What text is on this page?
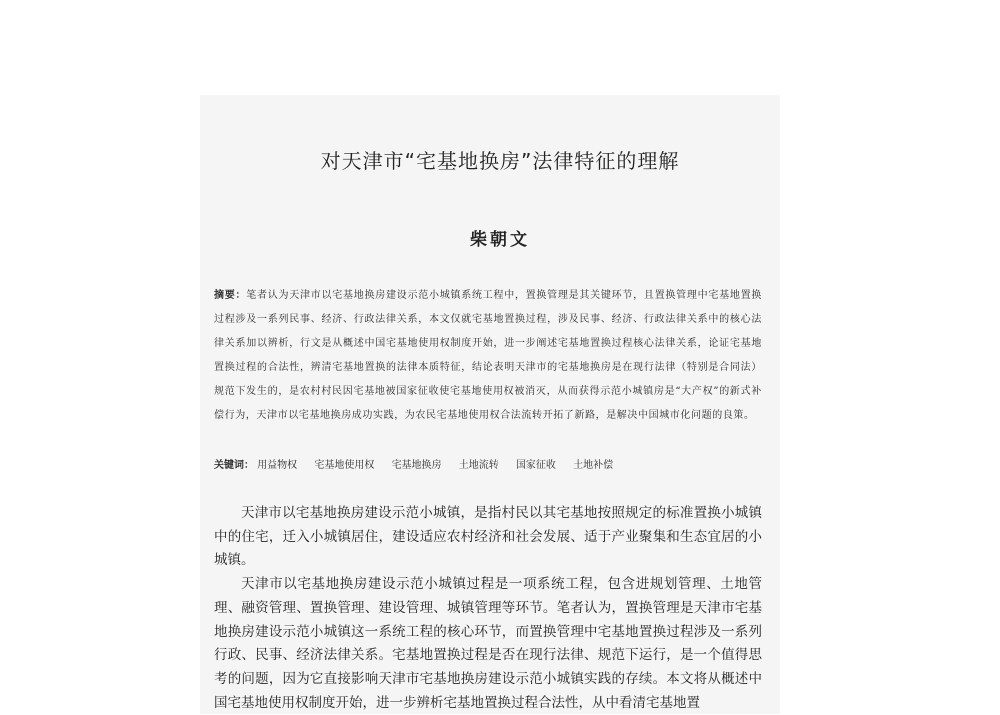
对天津市“宅基地换房”法律特征的理解
柴朝文
摘要：笔者认为天津市以宅基地换房建设示范小城镇系统工程中，置换管理是其关键环节，且置换管理中宅基地置换过程涉及一系列民事、经济、行政法律关系，本文仅就宅基地置换过程，涉及民事、经济、行政法律关系中的核心法律关系加以辨析，行文是从概述中国宅基地使用权制度开始，进一步阐述宅基地置换过程核心法律关系，论证宅基地置换过程的合法性，辨清宅基地置换的法律本质特征，结论表明天津市的宅基地换房是在现行法律（特别是合同法）规范下发生的，是农村村民因宅基地被国家征收使宅基地使用权被消灭，从而获得示范小城镇房是“大产权”的新式补偿行为，天津市以宅基地换房成功实践，为农民宅基地使用权合法流转开拓了新路，是解决中国城市化问题的良策。
关键词： 用益物权 宅基地使用权 宅基地换房 土地流转 国家征收 土地补偿

天津市以宅基地换房建设示范小城镇，是指村民以其宅基地按照规定的标准置换小城镇中的住宅，迁入小城镇居住，建设适应农村经济和社会发展、适于产业聚集和生态宜居的小城镇。

天津市以宅基地换房建设示范小城镇过程是一项系统工程，包含进规划管理、土地管理、融资管理、置换管理、建设管理、城镇管理等环节。笔者认为，置换管理是天津市宅基地换房建设示范小城镇这一系统工程的核心环节，而置换管理中宅基地置换过程涉及一系列行政、民事、经济法律关系。宅基地置换过程是否在现行法律、规范下运行，是一个值得思考的问题，因为它直接影响天津市宅基地换房建设示范小城镇实践的存续。本文将从概述中国宅基地使用权制度开始，进一步辨析宅基地置换过程合法性，从中看清宅基地置
